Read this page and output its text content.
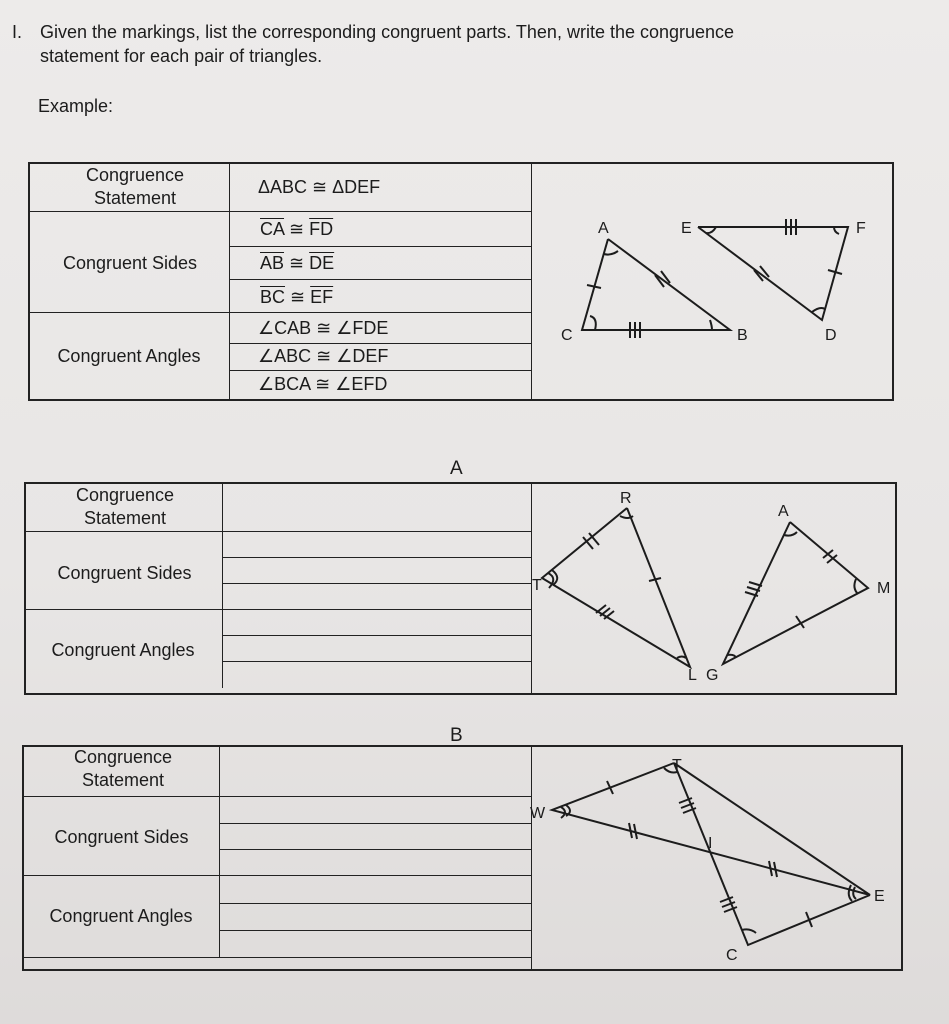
I. Given the markings, list the corresponding congruent parts. Then, write the congruence
statement for each pair of triangles.
Example:
Congruence Statement
Congruent Sides
Congruent Angles
ΔABC ≅ ΔDEF
$\overline{CA}$ ≅ $\overline{FD}$
$\overline{AB}$ ≅ $\overline{DE}$
$\overline{BC}$ ≅ $\overline{EF}$
∠CAB ≅ ∠FDE
∠ABC ≅ ∠DEF
∠BCA ≅ ∠EFD
A
C	B
E	F
D
A
Congruence Statement
Congruent Sides
Congruent Angles
R
T
L G
A
M
B
Congruence Statement
Congruent Sides
Congruent Angles
W
T
I
E
C
